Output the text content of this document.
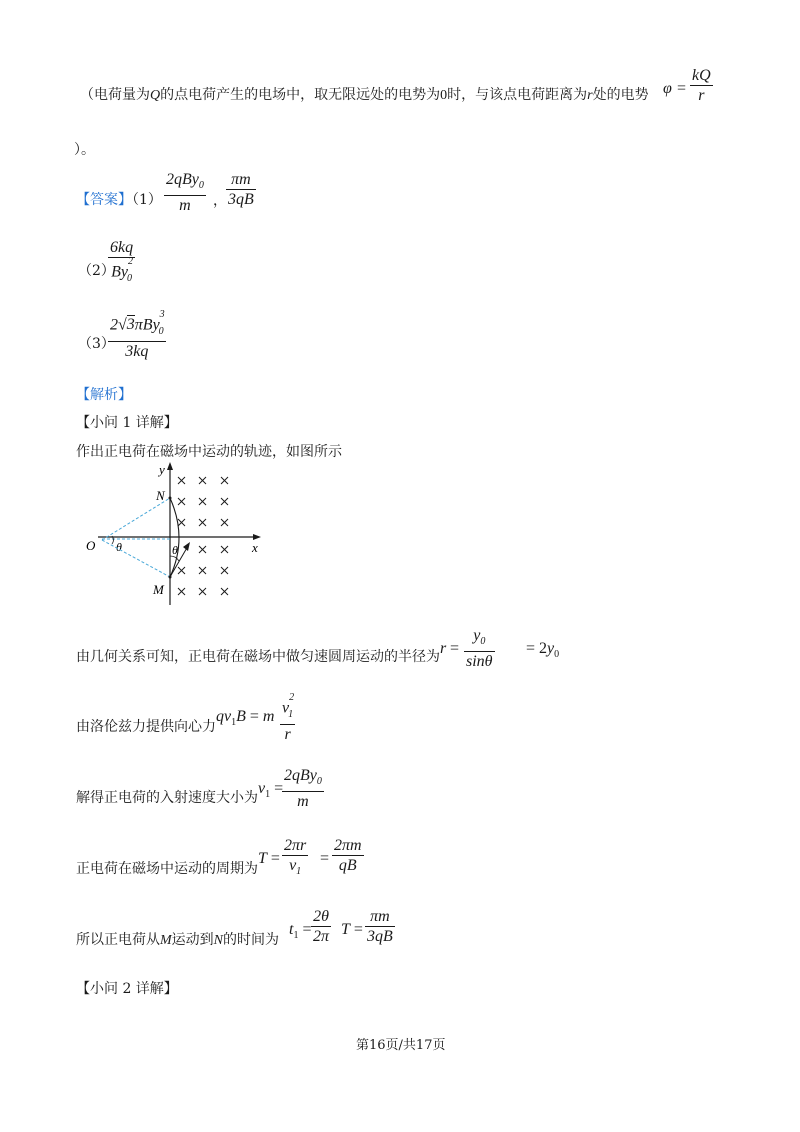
（电荷量为Q的点电荷产生的电场中，取无限远处的电势为0时，与该点电荷距离为r处的电势 φ =
kQ
r
）。
【答案】（1）
2qBy$_0$
m	，
πm
3qB
（2）
6kq
$By^2_0$
（3）
2√3πBy$^3_0$
3kq
【解析】
【小问 1 详解】
作出正电荷在磁场中运动的轨迹，如图所示
y
x
N
M
O θ	θ
由几何关系可知，正电荷在磁场中做匀速圆周运动的半径为 r =
$y_0$
sinθ
= $2y_0$
由洛伦兹力提供向心力
$qv_1B = m$
$v^2_1$
r
解得正电荷的入射速度大小为
$v_1$ =
2qBy$_0$
m
正电荷在磁场中运动的周期为
T =
2πr
$v_1$
=
2πm
qB
所以正电荷从M运动到N的时间为
$t_1$ =
2θ
2π T =
πm
3qB
【小问 2 详解】
第16页/共17页
